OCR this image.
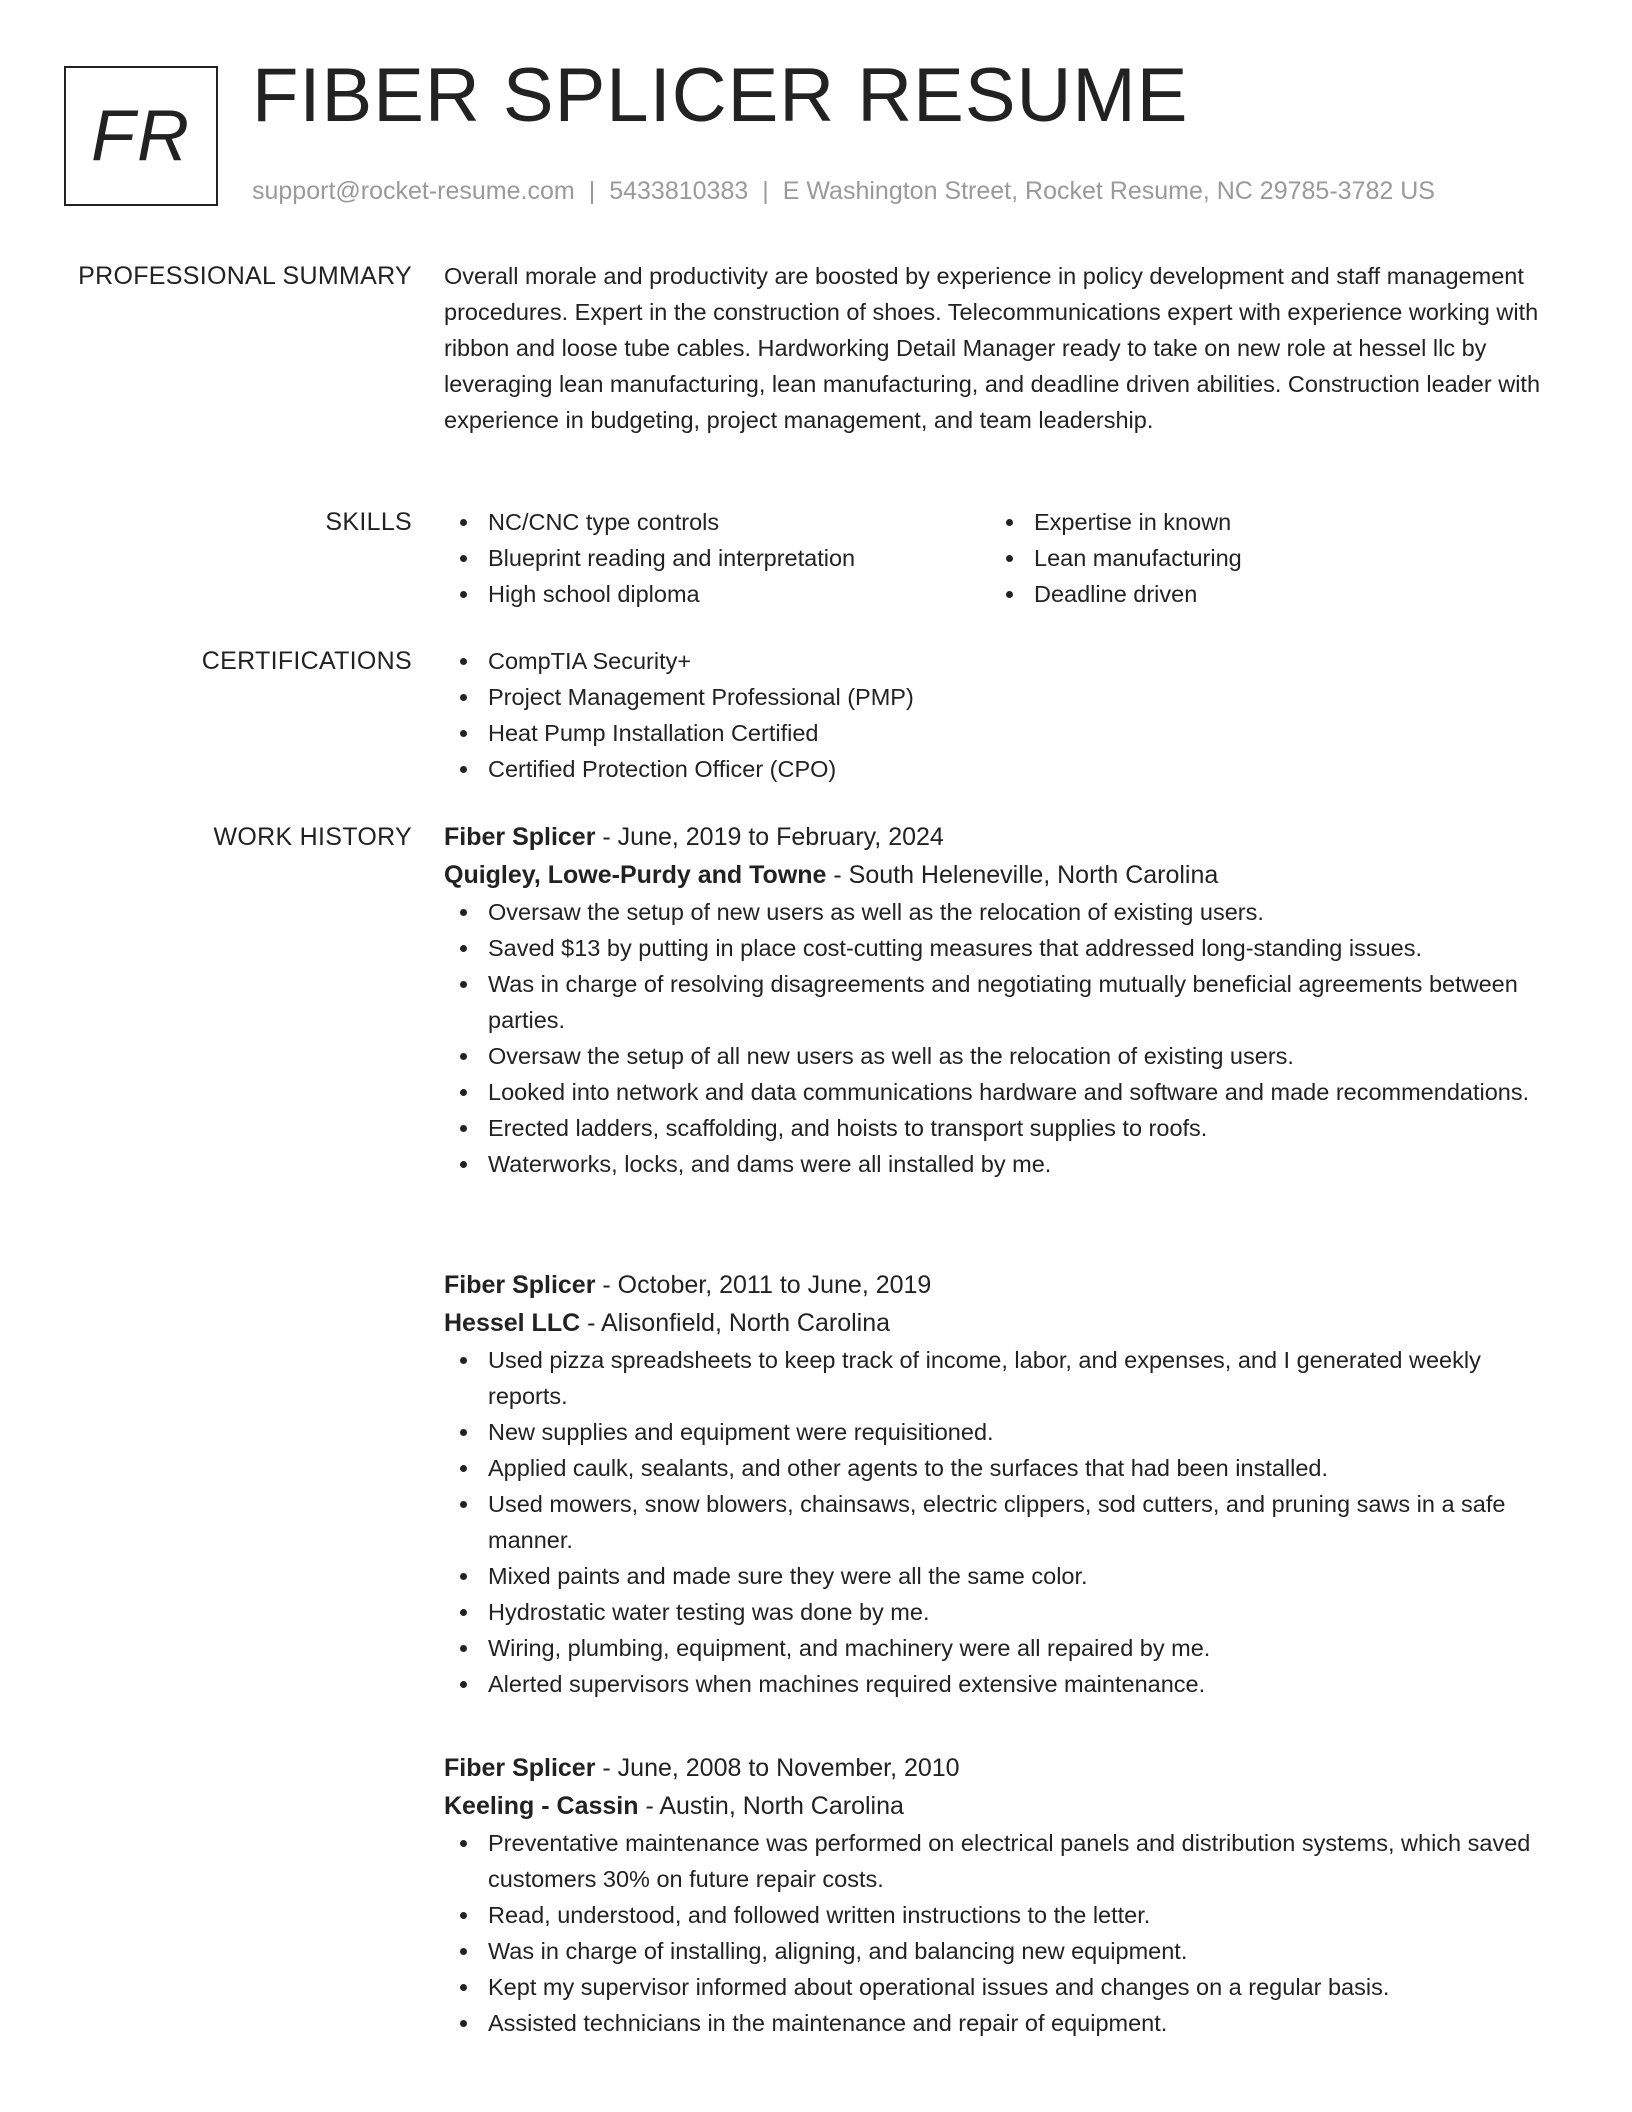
FR FIBER SPLICER RESUME
support@rocket-resume.com | 5433810383 | E Washington Street, Rocket Resume, NC 29785-3782 US
PROFESSIONAL SUMMARY Overall morale and productivity are boosted by experience in policy development and staff management procedures. Expert in the construction of shoes. Telecommunications expert with experience working with ribbon and loose tube cables. Hardworking Detail Manager ready to take on new role at hessel llc by leveraging lean manufacturing, lean manufacturing, and deadline driven abilities. Construction leader with experience in budgeting, project management, and team leadership.

SKILLS	NC/CNC type controls
Blueprint reading and interpretation
High school diploma
Expertise in known
Lean manufacturing
Deadline driven
CERTIFICATIONS	CompTIA Security+
Project Management Professional (PMP)
Heat Pump Installation Certified
Certified Protection Officer (CPO)
WORK HISTORY Fiber Splicer - June, 2019 to February, 2024
Quigley, Lowe-Purdy and Towne - South Heleneville, North Carolina
Oversaw the setup of new users as well as the relocation of existing users.
Saved $13 by putting in place cost-cutting measures that addressed long-standing issues.
Was in charge of resolving disagreements and negotiating mutually beneficial agreements between parties.
Oversaw the setup of all new users as well as the relocation of existing users.
Looked into network and data communications hardware and software and made recommendations.
Erected ladders, scaffolding, and hoists to transport supplies to roofs.
Waterworks, locks, and dams were all installed by me.
Fiber Splicer - October, 2011 to June, 2019
Hessel LLC - Alisonfield, North Carolina
Used pizza spreadsheets to keep track of income, labor, and expenses, and I generated weekly reports.
New supplies and equipment were requisitioned.
Applied caulk, sealants, and other agents to the surfaces that had been installed.
Used mowers, snow blowers, chainsaws, electric clippers, sod cutters, and pruning saws in a safe manner.
Mixed paints and made sure they were all the same color.
Hydrostatic water testing was done by me.
Wiring, plumbing, equipment, and machinery were all repaired by me.
Alerted supervisors when machines required extensive maintenance.
Fiber Splicer - June, 2008 to November, 2010
Keeling - Cassin - Austin, North Carolina
Preventative maintenance was performed on electrical panels and distribution systems, which saved customers 30% on future repair costs.
Read, understood, and followed written instructions to the letter.
Was in charge of installing, aligning, and balancing new equipment.
Kept my supervisor informed about operational issues and changes on a regular basis.
Assisted technicians in the maintenance and repair of equipment.
